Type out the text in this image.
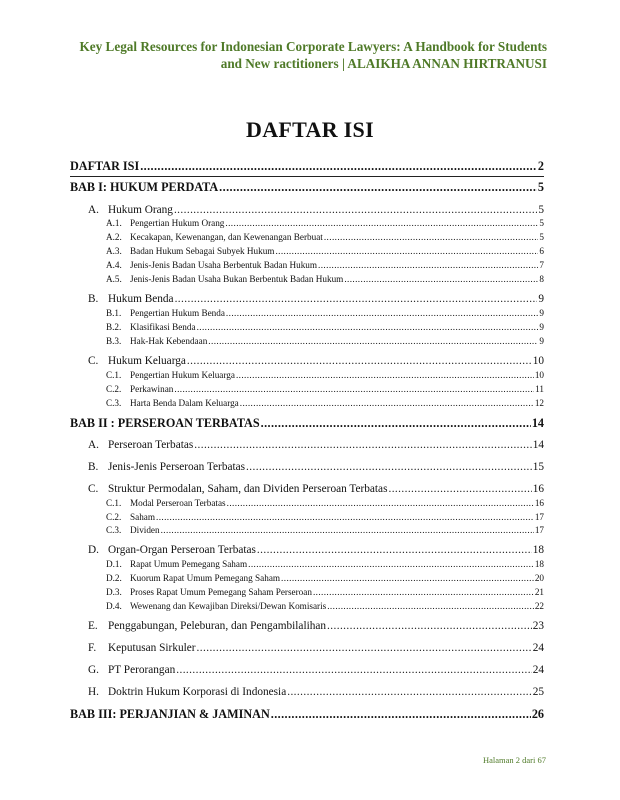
Key Legal Resources for Indonesian Corporate Lawyers: A Handbook for Students
and New ractitioners | ALAIKHA ANNAN HIRTRANUSI
DAFTAR ISI
DAFTAR ISI .....	2
BAB I: HUKUM PERDATA .....	5
A. Hukum Orang .....	5
A.1. Pengertian Hukum Orang .....	5
A.2. Kecakapan, Kewenangan, dan Kewenangan Berbuat .....	5
A.3. Badan Hukum Sebagai Subyek Hukum .....	6
A.4. Jenis-Jenis Badan Usaha Berbentuk Badan Hukum .....	7
A.5. Jenis-Jenis Badan Usaha Bukan Berbentuk Badan Hukum .....	8
B. Hukum Benda .....	9
B.1. Pengertian Hukum Benda .....	9
B.2. Klasifikasi Benda .....	9
B.3. Hak-Hak Kebendaan .....	9
C. Hukum Keluarga .....	10
C.1. Pengertian Hukum Keluarga .....	10
C.2. Perkawinan .....	11
C.3. Harta Benda Dalam Keluarga .....	12
BAB II : PERSEROAN TERBATAS .....	14
A. Perseroan Terbatas .....	14
B. Jenis-Jenis Perseroan Terbatas .....	15
C. Struktur Permodalan, Saham, dan Dividen Perseroan Terbatas .....	16
C.1. Modal Perseroan Terbatas .....	16
C.2. Saham .....	17
C.3. Dividen .....	17
D. Organ-Organ Perseroan Terbatas .....	18
D.1. Rapat Umum Pemegang Saham .....	18
D.2. Kuorum Rapat Umum Pemegang Saham .....	20
D.3. Proses Rapat Umum Pemegang Saham Perseroan .....	21
D.4. Wewenang dan Kewajiban Direksi/Dewan Komisaris .....	22
E. Penggabungan, Peleburan, dan Pengambilalihan .....	23
F. Keputusan Sirkuler .....	24
G. PT Perorangan .....	24
H. Doktrin Hukum Korporasi di Indonesia .....	25
BAB III: PERJANJIAN & JAMINAN .....	26
Halaman 2 dari 67
